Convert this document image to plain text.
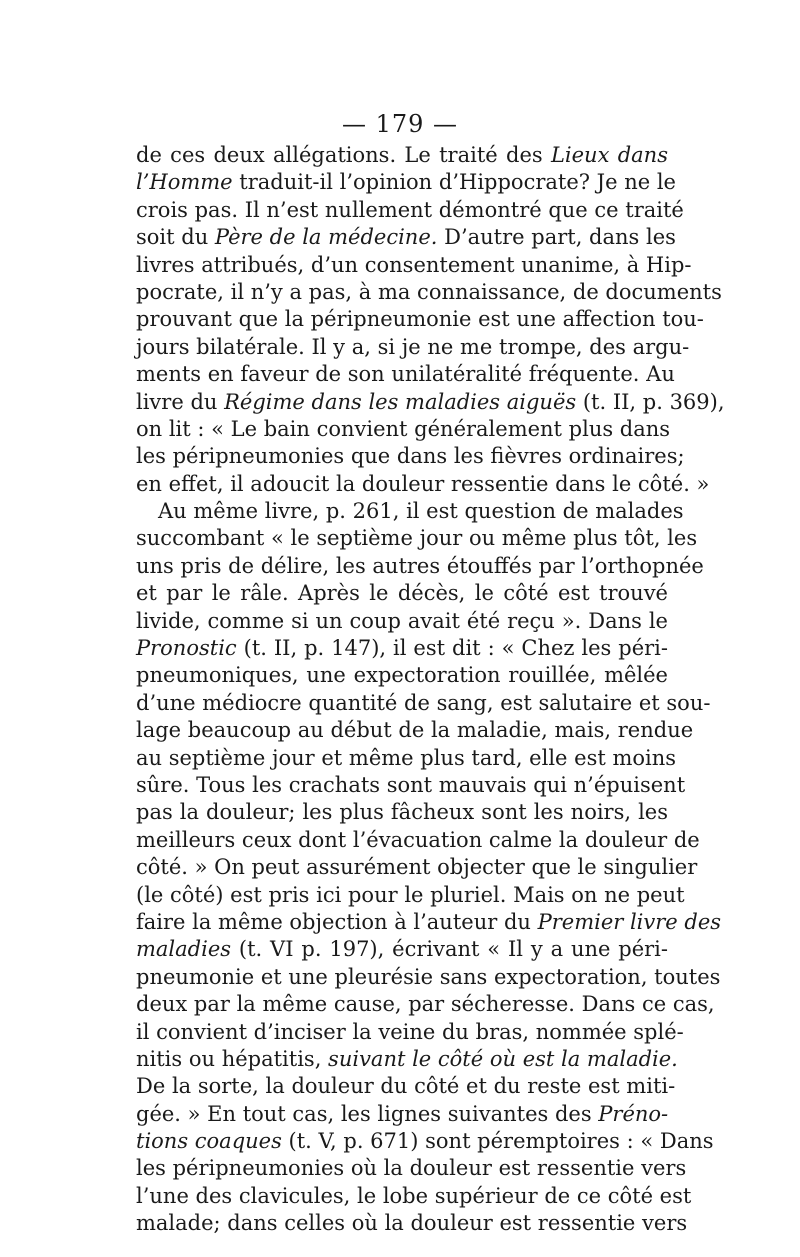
— 179 —
de ces deux allégations. Le traité des Lieux dans
l’Homme traduit-il l’opinion d’Hippocrate? Je ne le
crois pas. Il n’est nullement démontré que ce traité
soit du Père de la médecine. D’autre part, dans les
livres attribués, d’un consentement unanime, à Hip-
pocrate, il n’y a pas, à ma connaissance, de documents
prouvant que la péripneumonie est une affection tou-
jours bilatérale. Il y a, si je ne me trompe, des argu-
ments en faveur de son unilatéralité fréquente. Au
livre du Régime dans les maladies aiguës (t. II, p. 369),
on lit : « Le bain convient généralement plus dans
les péripneumonies que dans les fièvres ordinaires;
en effet, il adoucit la douleur ressentie dans le côté. »
Au même livre, p. 261, il est question de malades
succombant « le septième jour ou même plus tôt, les
uns pris de délire, les autres étouffés par l’orthopnée
et par le râle. Après le décès, le côté est trouvé
livide, comme si un coup avait été reçu ». Dans le
Pronostic (t. II, p. 147), il est dit : « Chez les péri-
pneumoniques, une expectoration rouillée, mêlée
d’une médiocre quantité de sang, est salutaire et sou-
lage beaucoup au début de la maladie, mais, rendue
au septième jour et même plus tard, elle est moins
sûre. Tous les crachats sont mauvais qui n’épuisent
pas la douleur; les plus fâcheux sont les noirs, les
meilleurs ceux dont l’évacuation calme la douleur de
côté. » On peut assurément objecter que le singulier
(le côté) est pris ici pour le pluriel. Mais on ne peut
faire la même objection à l’auteur du Premier livre des
maladies (t. VI p. 197), écrivant « Il y a une péri-
pneumonie et une pleurésie sans expectoration, toutes
deux par la même cause, par sécheresse. Dans ce cas,
il convient d’inciser la veine du bras, nommée splé-
nitis ou hépatitis, suivant le côté où est la maladie.
De la sorte, la douleur du côté et du reste est miti-
gée. » En tout cas, les lignes suivantes des Préno-
tions coaques (t. V, p. 671) sont péremptoires : « Dans
les péripneumonies où la douleur est ressentie vers
l’une des clavicules, le lobe supérieur de ce côté est
malade; dans celles où la douleur est ressentie vers
